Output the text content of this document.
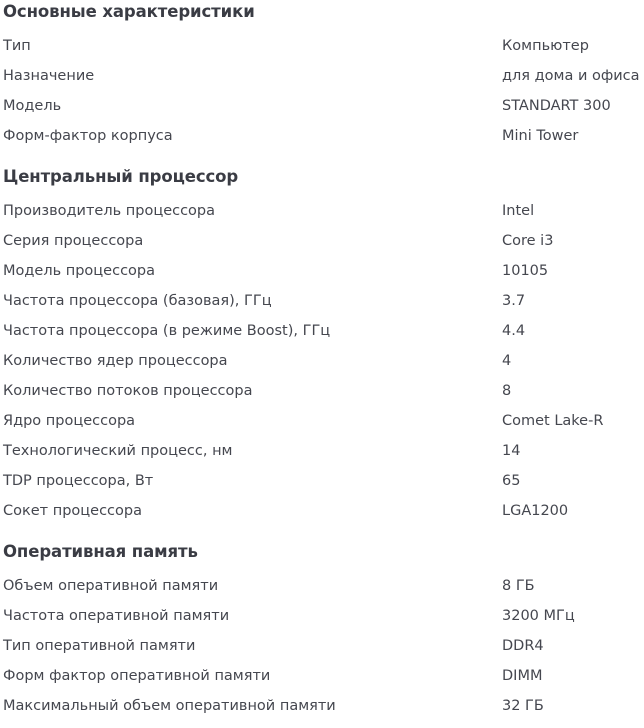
Основные характеристики
Тип	Компьютер
Назначение	для дома и офиса
Модель	STANDART 300
Форм-фактор корпуса	Mini Tower
Центральный процессор
Производитель процессора	Intel
Серия процессора	Core i3
Модель процессора	10105
Частота процессора (базовая), ГГц	3.7
Частота процессора (в режиме Boost), ГГц	4.4
Количество ядер процессора	4
Количество потоков процессора	8
Ядро процессора	Comet Lake-R
Технологический процесс, нм	14
TDP процессора, Вт	65
Сокет процессора	LGA1200
Оперативная память
Объем оперативной памяти	8 ГБ
Частота оперативной памяти	3200 МГц
Тип оперативной памяти	DDR4
Форм фактор оперативной памяти	DIMM
Максимальный объем оперативной памяти	32 ГБ
